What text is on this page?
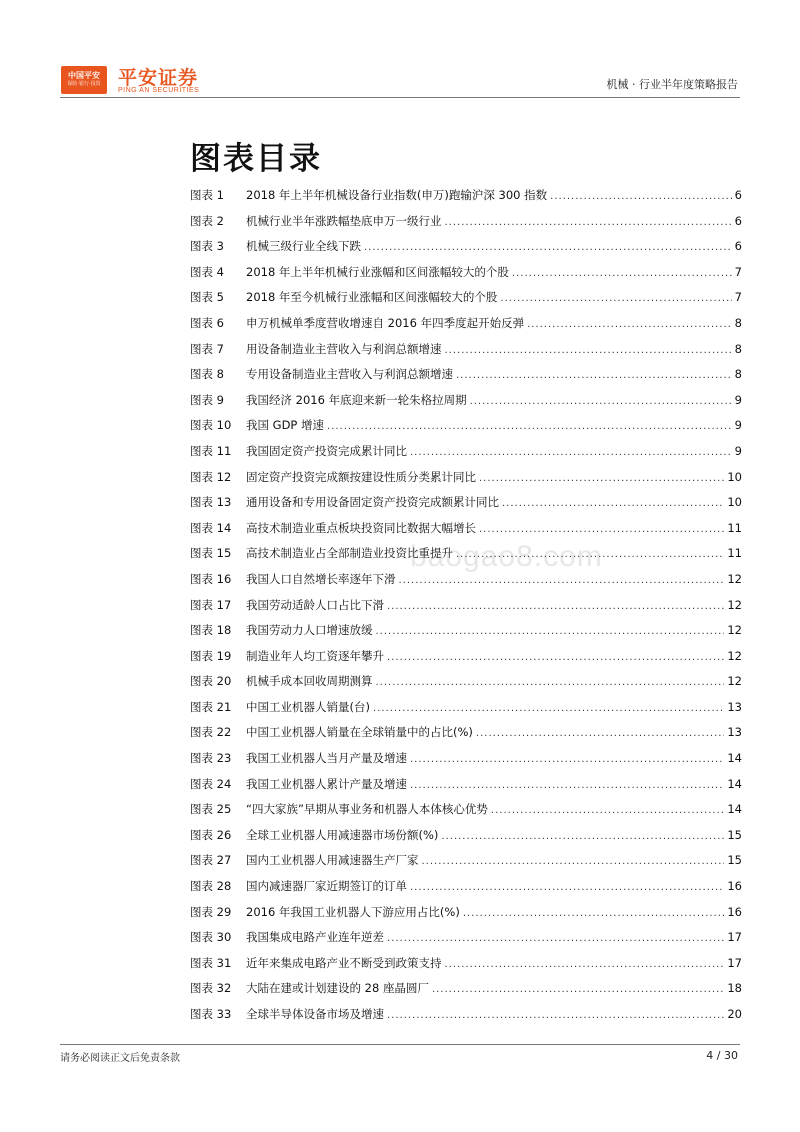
中国平安
保险·银行·投资 平安证券
PING AN SECURITIES	机械 · 行业半年度策略报告
图表目录
图表 1	2018 年上半年机械设备行业指数(申万)跑输沪深 300 指数 .....	6
图表 2	机械行业半年涨跌幅垫底申万一级行业 .....	6
图表 3	机械三级行业全线下跌 .....	6
图表 4	2018 年上半年机械行业涨幅和区间涨幅较大的个股 .....	7
图表 5	2018 年至今机械行业涨幅和区间涨幅较大的个股 .....	7
图表 6	申万机械单季度营收增速自 2016 年四季度起开始反弹 .....	8
图表 7	用设备制造业主营收入与利润总额增速 .....	8
图表 8	专用设备制造业主营收入与利润总额增速 .....	8
图表 9	我国经济 2016 年底迎来新一轮朱格拉周期 .....	9
图表 10	我国 GDP 增速 .....	9
图表 11	我国固定资产投资完成累计同比 .....	9
图表 12	固定资产投资完成额按建设性质分类累计同比 .....	10
图表 13	通用设备和专用设备固定资产投资完成额累计同比 .....	10
图表 14	高技术制造业重点板块投资同比数据大幅增长 .....	11
图表 15	高技术制造业占全部制造业投资比重提升 .....	11
图表 16	我国人口自然增长率逐年下滑 .....	12
图表 17	我国劳动适龄人口占比下滑 .....	12
图表 18	我国劳动力人口增速放缓 .....	12
图表 19	制造业年人均工资逐年攀升 .....	12
图表 20	机械手成本回收周期测算 .....	12
图表 21	中国工业机器人销量(台) .....	13
图表 22	中国工业机器人销量在全球销量中的占比(%) .....	13
图表 23	我国工业机器人当月产量及增速 .....	14
图表 24	我国工业机器人累计产量及增速 .....	14
图表 25	“四大家族”早期从事业务和机器人本体核心优势 .....	14
图表 26	全球工业机器人用减速器市场份额(%) .....	15
图表 27	国内工业机器人用减速器生产厂家 .....	15
图表 28	国内减速器厂家近期签订的订单 .....	16
图表 29	2016 年我国工业机器人下游应用占比(%) .....	16
图表 30	我国集成电路产业连年逆差 .....	17
图表 31	近年来集成电路产业不断受到政策支持 .....	17
图表 32	大陆在建或计划建设的 28 座晶圆厂 .....	18
图表 33	全球半导体设备市场及增速 .....	20
baogao8.com
请务必阅读正文后免责条款	4 / 30
